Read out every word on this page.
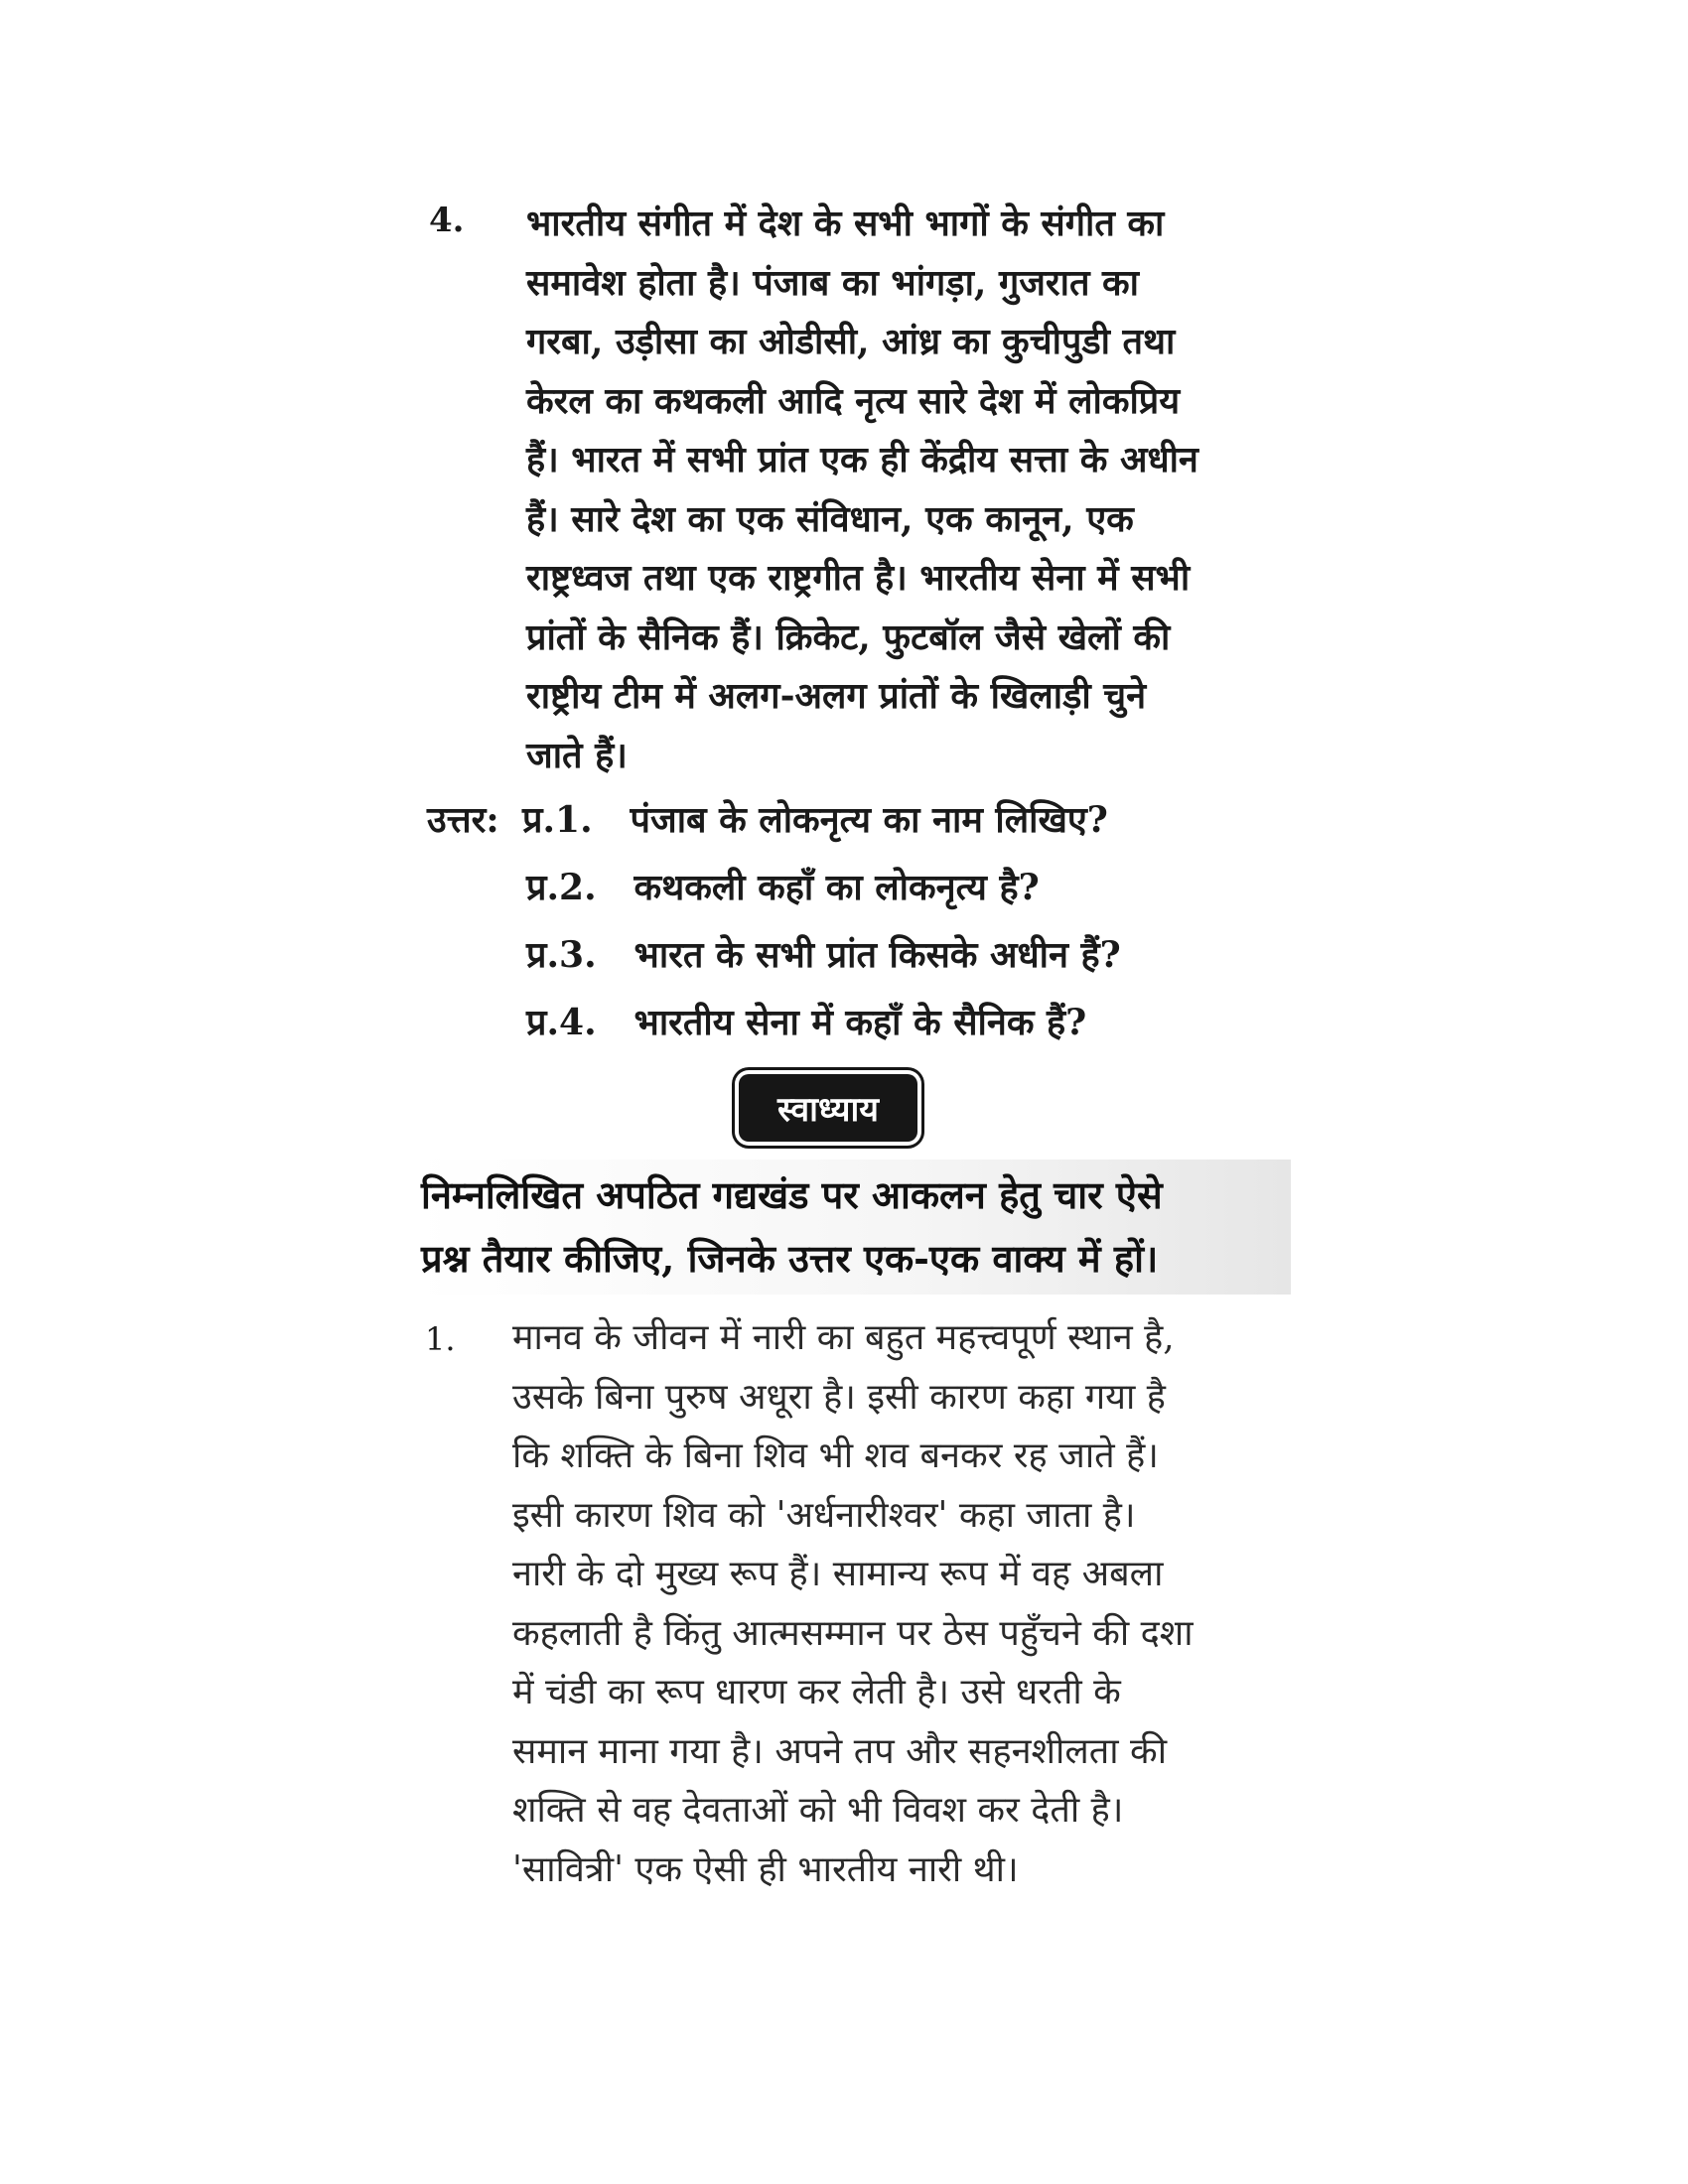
4. भारतीय संगीत में देश के सभी भागों के संगीत का
समावेश होता है। पंजाब का भांगड़ा, गुजरात का
गरबा, उड़ीसा का ओडीसी, आंध्र का कुचीपुडी तथा
केरल का कथकली आदि नृत्य सारे देश में लोकप्रिय
हैं। भारत में सभी प्रांत एक ही केंद्रीय सत्ता के अधीन
हैं। सारे देश का एक संविधान, एक कानून, एक
राष्ट्रध्वज तथा एक राष्ट्रगीत है। भारतीय सेना में सभी
प्रांतों के सैनिक हैं। क्रिकेट, फुटबॉल जैसे खेलों की
राष्ट्रीय टीम में अलग-अलग प्रांतों के खिलाड़ी चुने
जाते हैं।
उत्तर: प्र.1. पंजाब के लोकनृत्य का नाम लिखिए?
प्र.2. कथकली कहाँ का लोकनृत्य है?
प्र.3. भारत के सभी प्रांत किसके अधीन हैं?
प्र.4. भारतीय सेना में कहाँ के सैनिक हैं?
स्वाध्याय
निम्नलिखित अपठित गद्यखंड पर आकलन हेतु चार ऐसे
प्रश्न तैयार कीजिए, जिनके उत्तर एक-एक वाक्य में हों।
1. मानव के जीवन में नारी का बहुत महत्त्वपूर्ण स्थान है,
उसके बिना पुरुष अधूरा है। इसी कारण कहा गया है
कि शक्ति के बिना शिव भी शव बनकर रह जाते हैं।
इसी कारण शिव को 'अर्धनारीश्वर' कहा जाता है।
नारी के दो मुख्य रूप हैं। सामान्य रूप में वह अबला
कहलाती है किंतु आत्मसम्मान पर ठेस पहुँचने की दशा
में चंडी का रूप धारण कर लेती है। उसे धरती के
समान माना गया है। अपने तप और सहनशीलता की
शक्ति से वह देवताओं को भी विवश कर देती है।
'सावित्री' एक ऐसी ही भारतीय नारी थी।
